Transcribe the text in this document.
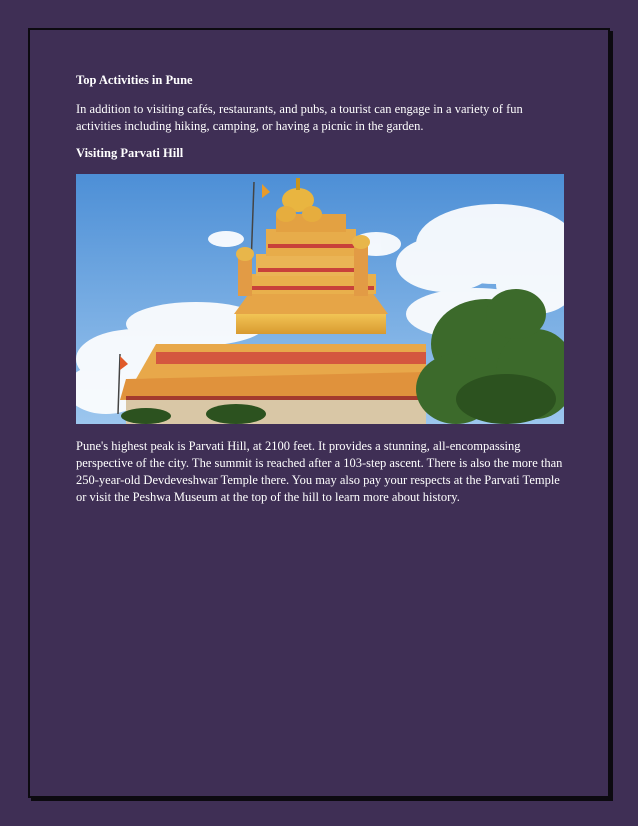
Top Activities in Pune

In addition to visiting cafés, restaurants, and pubs, a tourist can engage in a variety of fun activities including hiking, camping, or having a picnic in the garden.

Visiting Parvati Hill

Pune's highest peak is Parvati Hill, at 2100 feet. It provides a stunning, all-encompassing perspective of the city. The summit is reached after a 103-step ascent. There is also the more than 250-year-old Devdeveshwar Temple there. You may also pay your respects at the Parvati Temple or visit the Peshwa Museum at the top of the hill to learn more about history.
